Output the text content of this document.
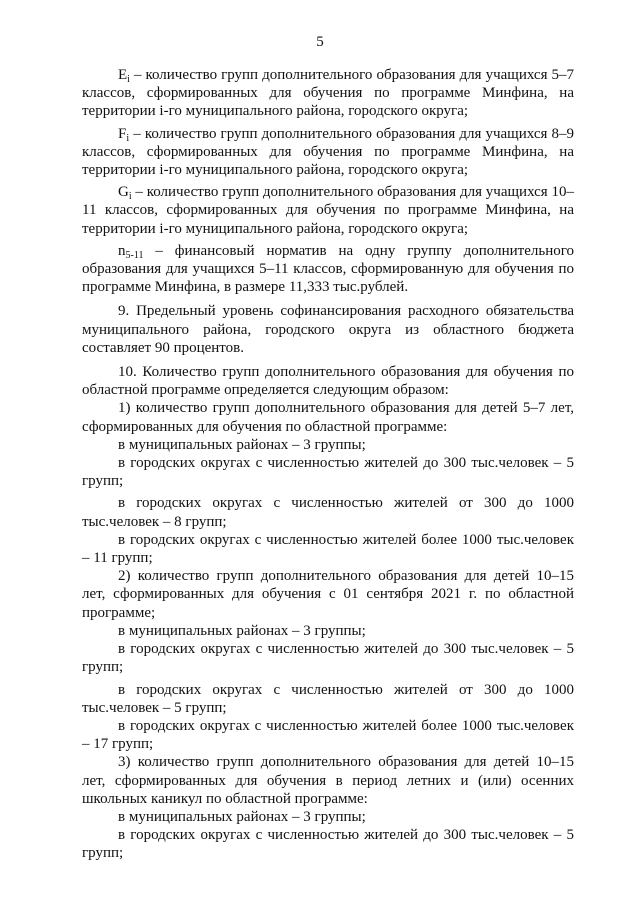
5

$E_i$ – количество групп дополнительного образования для учащихся 5–7 классов, сформированных для обучения по программе Минфина, на территории i-го муниципального района, городского округа;

$F_i$ – количество групп дополнительного образования для учащихся 8–9 классов, сформированных для обучения по программе Минфина, на территории i-го муниципального района, городского округа;

$G_i$ – количество групп дополнительного образования для учащихся 10–11 классов, сформированных для обучения по программе Минфина, на территории i-го муниципального района, городского округа;

$n_{5-11}$ – финансовый норматив на одну группу дополнительного образования для учащихся 5–11 классов, сформированную для обучения по программе Минфина, в размере 11,333 тыс.рублей.

9. Предельный уровень софинансирования расходного обязательства муниципального района, городского округа из областного бюджета составляет 90 процентов.

10. Количество групп дополнительного образования для обучения по областной программе определяется следующим образом:

1) количество групп дополнительного образования для детей 5–7 лет, сформированных для обучения по областной программе:

в муниципальных районах – 3 группы;

в городских округах с численностью жителей до 300 тыс.человек – 5 групп;

в городских округах с численностью жителей от 300 до 1000 тыс.человек – 8 групп;

в городских округах с численностью жителей более 1000 тыс.человек – 11 групп;

2) количество групп дополнительного образования для детей 10–15 лет, сформированных для обучения с 01 сентября 2021 г. по областной программе;

в муниципальных районах – 3 группы;

в городских округах с численностью жителей до 300 тыс.человек – 5 групп;

в городских округах с численностью жителей от 300 до 1000 тыс.человек – 5 групп;

в городских округах с численностью жителей более 1000 тыс.человек – 17 групп;

3) количество групп дополнительного образования для детей 10–15 лет, сформированных для обучения в период летних и (или) осенних школьных каникул по областной программе:

в муниципальных районах – 3 группы;

в городских округах с численностью жителей до 300 тыс.человек – 5 групп;
